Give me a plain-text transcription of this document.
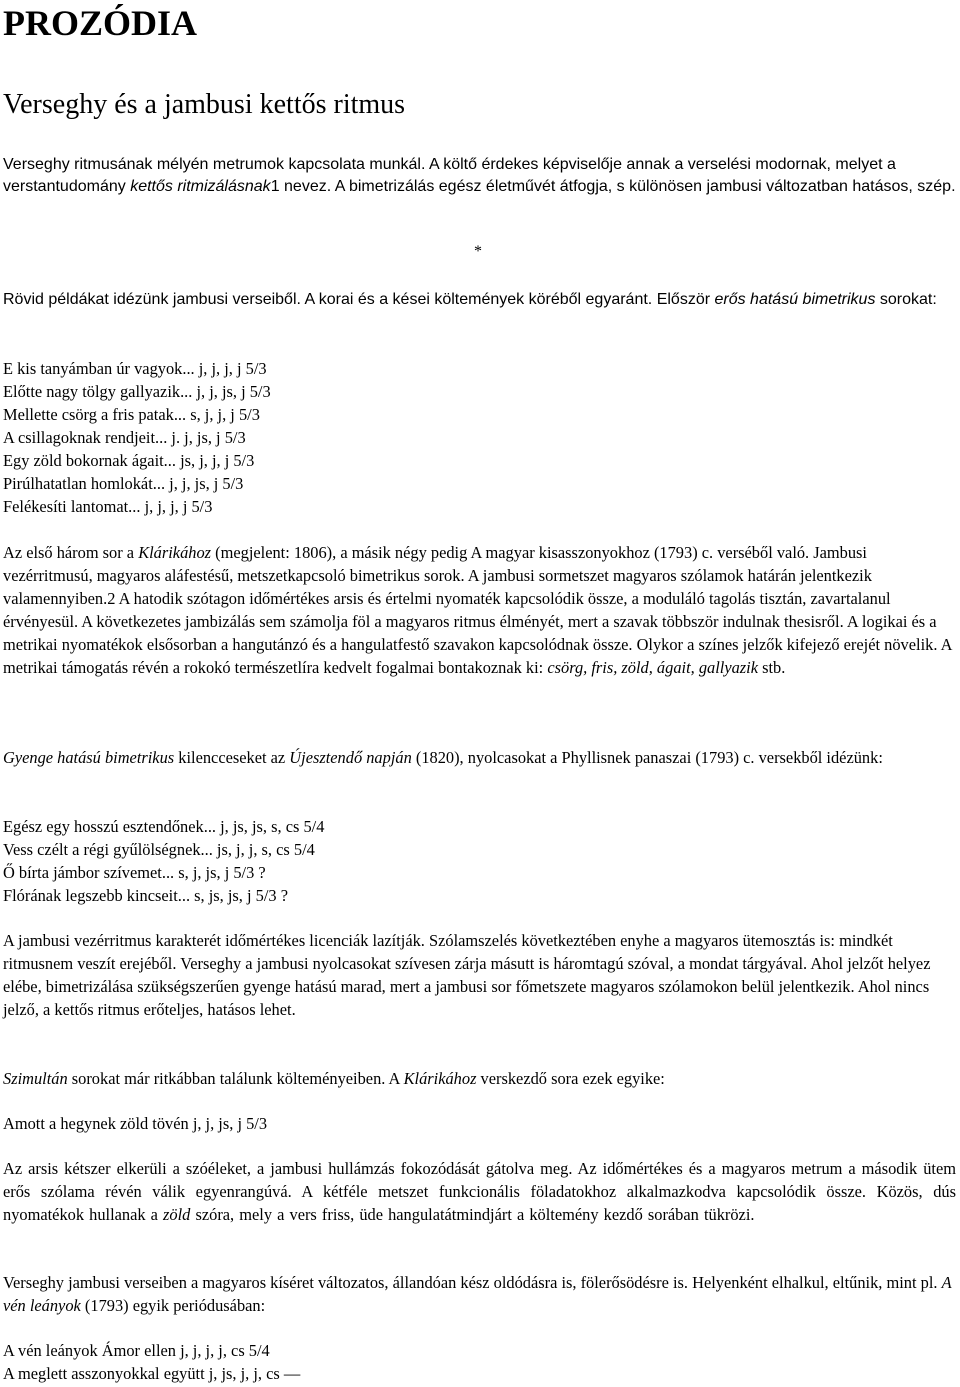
PROZÓDIA
Verseghy és a jambusi kettős ritmus

Verseghy ritmusának mélyén metrumok kapcsolata munkál. A költő érdekes képviselője annak a verselési modornak, melyet a verstantudomány kettős ritmizálásnak1 nevez. A bimetrizálás egész életművét átfogja, s különösen jambusi változatban hatásos, szép.

*

Rövid példákat idézünk jambusi verseiből. A korai és a kései költemények köréből egyaránt. Először erős hatású bimetrikus sorokat:

E kis tanyámban úr vagyok... j, j, j, j 5/3
Előtte nagy tölgy gallyazik... j, j, js, j 5/3
Mellette csörg a fris patak... s, j, j, j 5/3
A csillagoknak rendjeit... j. j, js, j 5/3
Egy zöld bokornak ágait... js, j, j, j 5/3
Pirúlhatatlan homlokát... j, j, js, j 5/3
Felékesíti lantomat... j, j, j, j 5/3

Az első három sor a Klárikához (megjelent: 1806), a másik négy pedig A magyar kisasszonyokhoz (1793) c. verséből való. Jambusi vezérritmusú, magyaros aláfestésű, metszetkapcsoló bimetrikus sorok. A jambusi sormetszet magyaros szólamok határán jelentkezik valamennyiben.2 A hatodik szótagon időmértékes arsis és értelmi nyomaték kapcsolódik össze, a moduláló tagolás tisztán, zavartalanul érvényesül. A következetes jambizálás sem számolja föl a magyaros ritmus élményét, mert a szavak többször indulnak thesisről. A logikai és a metrikai nyomatékok elsősorban a hangutánzó és a hangulatfestő szavakon kapcsolódnak össze. Olykor a színes jelzők kifejező erejét növelik. A metrikai támogatás révén a rokokó természetlíra kedvelt fogalmai bontakoznak ki: csörg, fris, zöld, ágait, gallyazik stb.

Gyenge hatású bimetrikus kilencceseket az Újesztendő napján (1820), nyolcasokat a Phyllisnek panaszai (1793) c. versekből idézünk:

Egész egy hosszú esztendőnek... j, js, js, s, cs 5/4
Vess czélt a régi gyűlölségnek... js, j, j, s, cs 5/4
Ő bírta jámbor szívemet... s, j, js, j 5/3 ?
Flórának legszebb kincseit... s, js, js, j 5/3 ?

A jambusi vezérritmus karakterét időmértékes licenciák lazítják. Szólamszelés következtében enyhe a magyaros ütemosztás is: mindkét ritmusnem veszít erejéből. Verseghy a jambusi nyolcasokat szívesen zárja másutt is háromtagú szóval, a mondat tárgyával. Ahol jelzőt helyez elébe, bimetrizálása szükségszerűen gyenge hatású marad, mert a jambusi sor főmetszete magyaros szólamokon belül jelentkezik. Ahol nincs jelző, a kettős ritmus erőteljes, hatásos lehet.

Szimultán sorokat már ritkábban találunk költeményeiben. A Klárikához verskezdő sora ezek egyike:

Amott a hegynek zöld tövén j, j, js, j 5/3

Az arsis kétszer elkerüli a szóéleket, a jambusi hullámzás fokozódását gátolva meg. Az időmértékes és a magyaros metrum a második ütem erős szólama révén válik egyenrangúvá. A kétféle metszet funkcionális föladatokhoz alkalmazkodva kapcsolódik össze. Közös, dús nyomatékok hullanak a zöld szóra, mely a vers friss, üde hangulatátmindjárt a költemény kezdő sorában tükrözi.

Verseghy jambusi verseiben a magyaros kíséret változatos, állandóan kész oldódásra is, fölerősödésre is. Helyenként elhalkul, eltűnik, mint pl. A vén leányok (1793) egyik periódusában:

A vén leányok Ámor ellen j, j, j, j, cs 5/4
A meglett asszonyokkal együtt j, js, j, j, cs —
